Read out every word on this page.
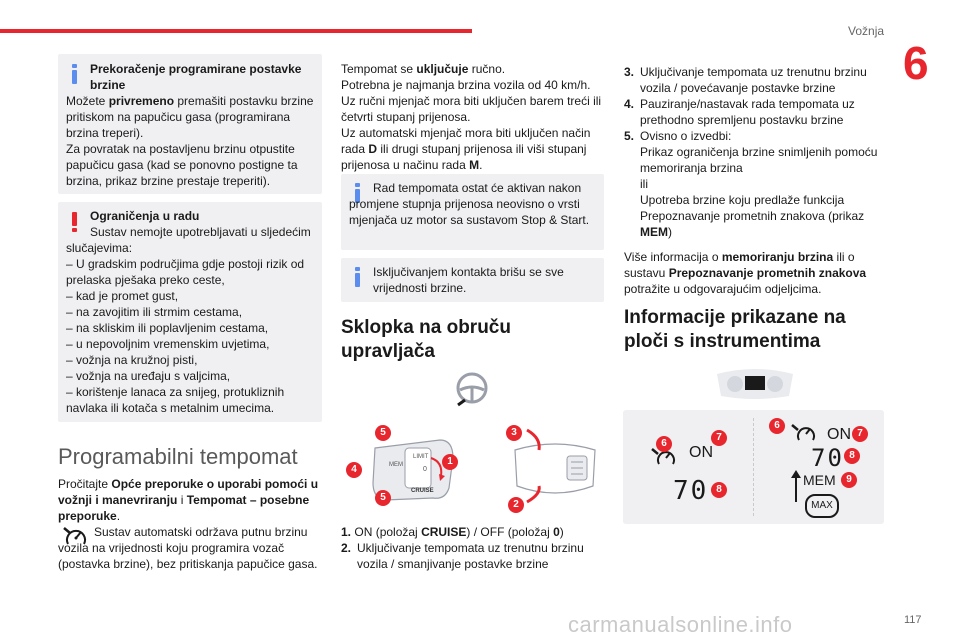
Vožnja
6
Prekoračenje programirane postavke brzine
Možete privremeno premašiti postavku brzine pritiskom na papučicu gasa (programirana brzina treperi).
Za povratak na postavljenu brzinu otpustite papučicu gasa (kad se ponovno postigne ta brzina, prikaz brzine prestaje treperiti).
Ograničenja u radu
Sustav nemojte upotrebljavati u sljedećim slučajevima:
– U gradskim područjima gdje postoji rizik od prelaska pješaka preko ceste,
– kad je promet gust,
– na zavojitim ili strmim cestama,
– na skliskim ili poplavljenim cestama,
– u nepovoljnim vremenskim uvjetima,
– vožnja na kružnoj pisti,
– vožnja na uređaju s valjcima,
– korištenje lanaca za snijeg, protukliznih navlaka ili kotača s metalnim umecima.
Programabilni tempomat
Pročitajte Opće preporuke o uporabi pomoći u vožnji i manevriranju i Tempomat – posebne preporuke.
Sustav automatski održava putnu brzinu vozila na vrijednosti koju programira vozač (postavka brzine), bez pritiskanja papučice gasa.
Tempomat se uključuje ručno.
Potrebna je najmanja brzina vozila od 40 km/h.
Uz ručni mjenjač mora biti uključen barem treći ili četvrti stupanj prijenosa.
Uz automatski mjenjač mora biti uključen način rada D ili drugi stupanj prijenosa ili viši stupanj prijenosa u načinu rada M.
Rad tempomata ostat će aktivan nakon promjene stupnja prijenosa neovisno o vrsti mjenjača uz motor sa sustavom Stop & Start.
Isključivanjem kontakta brišu se sve vrijednosti brzine.
Sklopka na obruču upravljača
MEM
LIMIT
0
CRUISE
5
4
5
1
3
2
1. ON (položaj CRUISE) / OFF (položaj 0)
2. Uključivanje tempomata uz trenutnu brzinu vozila / smanjivanje postavke brzine
3. Uključivanje tempomata uz trenutnu brzinu vozila / povećavanje postavke brzine
4. Pauziranje/nastavak rada tempomata uz prethodno spremljenu postavku brzine
5. Ovisno o izvedbi:
Prikaz ograničenja brzine snimljenih pomoću memoriranja brzina
ili
Upotreba brzine koju predlaže funkcija Prepoznavanje prometnih znakova (prikaz MEM)
Više informacija o memoriranju brzina ili o sustavu Prepoznavanje prometnih znakova potražite u odgovarajućim odjeljcima.
Informacije prikazane na ploči s instrumentima
ON
70
6
7
8
ON
70
MEM
MAX
6
7
8
9
carmanualsonline.info	117
